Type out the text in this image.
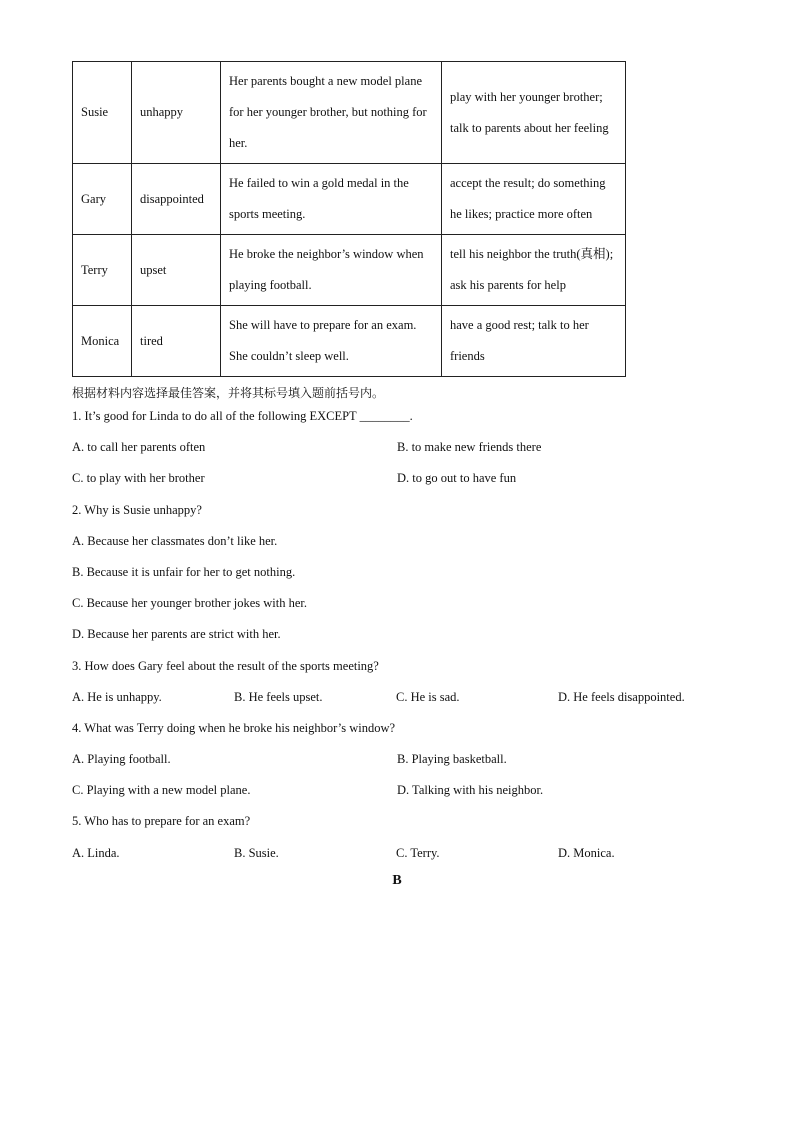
Susie	unhappy	Her parents bought a new model plane for her younger brother, but nothing for her.	play with her younger brother; talk to parents about her feeling
Gary	disappointed	He failed to win a gold medal in the sports meeting.	accept the result; do something he likes; practice more often
Terry	upset	He broke the neighbor’s window when playing football.	tell his neighbor the truth(真相); ask his parents for help
Monica	tired	She will have to prepare for an exam. She couldn’t sleep well.	have a good rest; talk to her friends
根据材料内容选择最佳答案，并将其标号填入题前括号内。
1. It’s good for Linda to do all of the following EXCEPT ________.
A. to call her parents often	B. to make new friends there
C. to play with her brother	D. to go out to have fun
2. Why is Susie unhappy?
A. Because her classmates don’t like her.
B. Because it is unfair for her to get nothing.
C. Because her younger brother jokes with her.
D. Because her parents are strict with her.
3. How does Gary feel about the result of the sports meeting?
A. He is unhappy.	B. He feels upset.	C. He is sad.	D. He feels disappointed.
4. What was Terry doing when he broke his neighbor’s window?
A. Playing football.	B. Playing basketball.
C. Playing with a new model plane.	D. Talking with his neighbor.
5. Who has to prepare for an exam?
A. Linda.	B. Susie.	C. Terry.	D. Monica.
B
